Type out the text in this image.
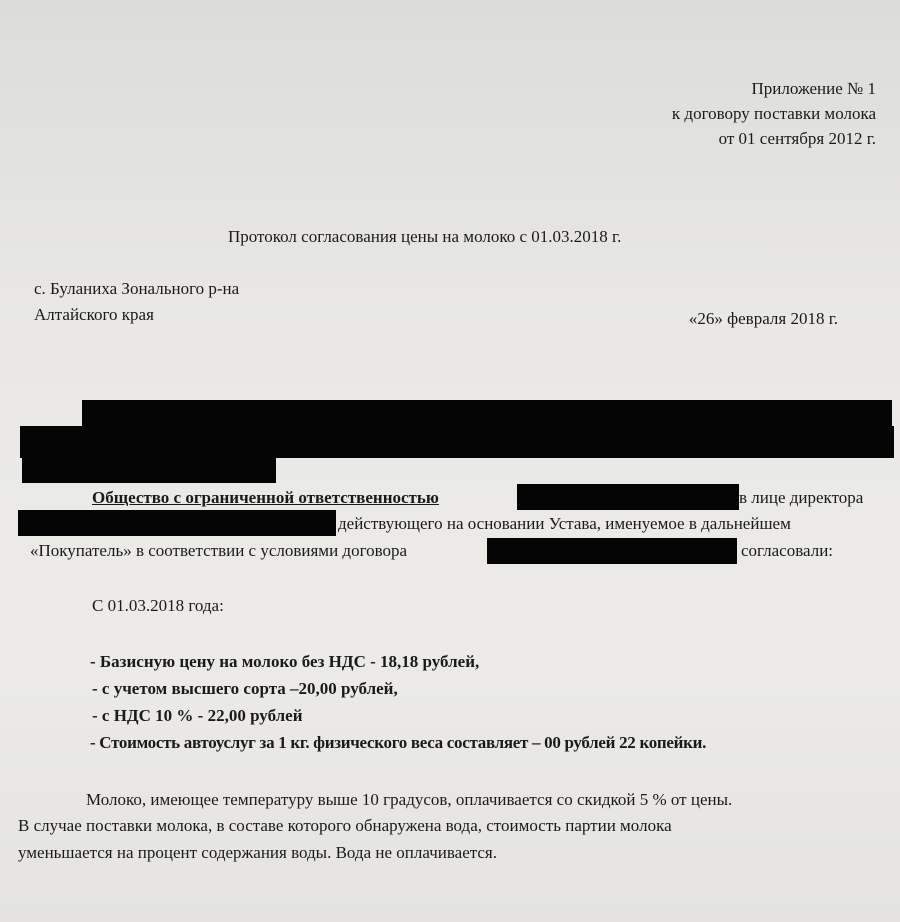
Приложение № 1
к договору поставки молока
от 01 сентября 2012 г.
Протокол согласования цены на молоко с 01.03.2018 г.
с. Буланиха Зонального р-на
Алтайского края	«26» февраля 2018 г.
Общество с ограниченной ответственностью	в лице директора
действующего на основании Устава, именуемое в дальнейшем
«Покупатель» в соответствии с условиями договора	согласовали:
С 01.03.2018 года:
- Базисную цену на молоко без НДС - 18,18 рублей,
- с учетом высшего сорта –20,00 рублей,
- с НДС 10 % - 22,00 рублей
- Стоимость автоуслуг за 1 кг. физического веса составляет – 00 рублей 22 копейки.
Молоко, имеющее температуру выше 10 градусов, оплачивается со скидкой 5 % от цены.
В случае поставки молока, в составе которого обнаружена вода, стоимость партии молока
уменьшается на процент содержания воды. Вода не оплачивается.
